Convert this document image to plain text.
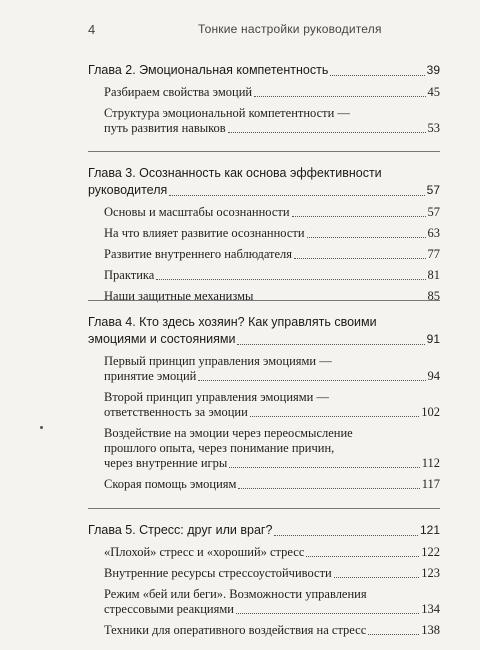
4	Тонкие настройки руководителя
Глава 2. Эмоциональная компетентность	39
Разбираем свойства эмоций	45
Структура эмоциональной компетентности —
путь развития навыков	53
Глава 3. Осознанность как основа эффективности
руководителя	57
Основы и масштабы осознанности	57
На что влияет развитие осознанности	63
Развитие внутреннего наблюдателя	77
Практика	81
Наши защитные механизмы	85
Глава 4. Кто здесь хозяин? Как управлять своими
эмоциями и состояниями	91
Первый принцип управления эмоциями —
принятие эмоций	94
Второй принцип управления эмоциями —
ответственность за эмоции	102
Воздействие на эмоции через переосмысление
прошлого опыта, через понимание причин,
через внутренние игры	112
Скорая помощь эмоциям	117
Глава 5. Стресс: друг или враг?	121
«Плохой» стресс и «хороший» стресс	122
Внутренние ресурсы стрессоустойчивости	123
Режим «бей или беги». Возможности управления
стрессовыми реакциями	134
Техники для оперативного воздействия на стресс	138
